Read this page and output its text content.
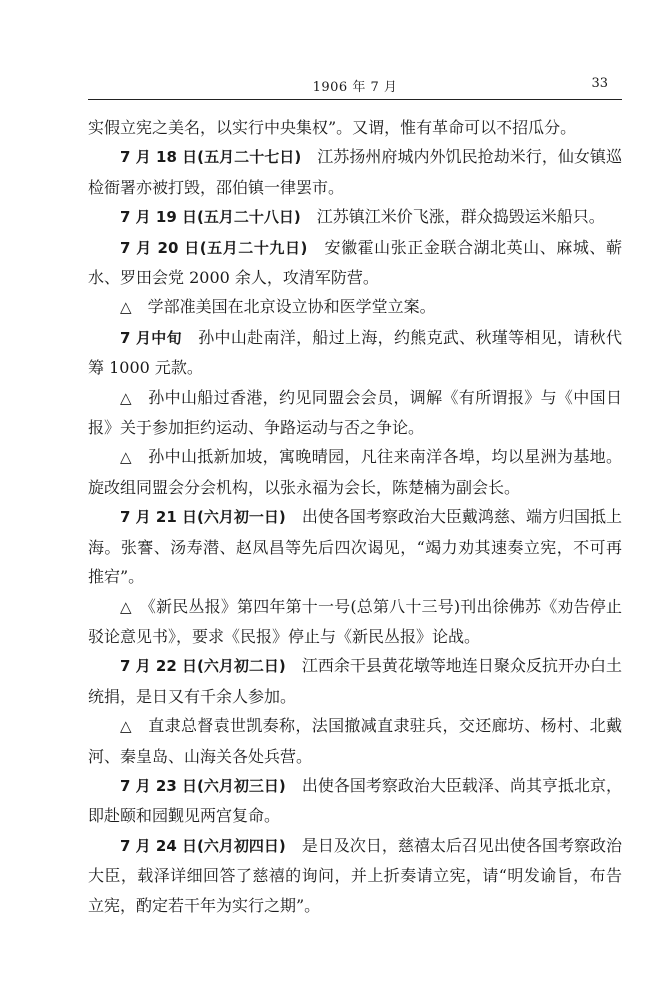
1906 年 7 月	33

实假立宪之美名，以实行中央集权”。又谓，惟有革命可以不招瓜分。

7 月 18 日(五月二十七日)　江苏扬州府城内外饥民抢劫米行，仙女镇巡检衙署亦被打毁，邵伯镇一律罢市。

7 月 19 日(五月二十八日)　江苏镇江米价飞涨，群众捣毁运米船只。

7 月 20 日(五月二十九日)　安徽霍山张正金联合湖北英山、麻城、蕲水、罗田会党 2000 余人，攻清军防营。

△　 学部准美国在北京设立协和医学堂立案。

7 月中旬　孙中山赴南洋，船过上海，约熊克武、秋瑾等相见，请秋代筹 1000 元款。

△　 孙中山船过香港，约见同盟会会员，调解《有所谓报》与《中国日报》关于参加拒约运动、争路运动与否之争论。

△　 孙中山抵新加坡，寓晚晴园，凡往来南洋各埠，均以星洲为基地。旋改组同盟会分会机构，以张永福为会长，陈楚楠为副会长。

7 月 21 日(六月初一日)　出使各国考察政治大臣戴鸿慈、端方归国抵上海。张謇、汤寿潜、赵凤昌等先后四次谒见，“竭力劝其速奏立宪，不可再推宕”。

△　 《新民丛报》第四年第十一号(总第八十三号)刊出徐佛苏《劝告停止驳论意见书》，要求《民报》停止与《新民丛报》论战。

7 月 22 日(六月初二日)　江西余干县黄花墩等地连日聚众反抗开办白土统捐，是日又有千余人参加。

△　 直隶总督袁世凯奏称，法国撤减直隶驻兵，交还廊坊、杨村、北戴河、秦皇岛、山海关各处兵营。

7 月 23 日(六月初三日)　出使各国考察政治大臣载泽、尚其亨抵北京，即赴颐和园觐见两宫复命。

7 月 24 日(六月初四日)　是日及次日，慈禧太后召见出使各国考察政治大臣，载泽详细回答了慈禧的询问，并上折奏请立宪，请“明发谕旨，布告立宪，酌定若干年为实行之期”。
